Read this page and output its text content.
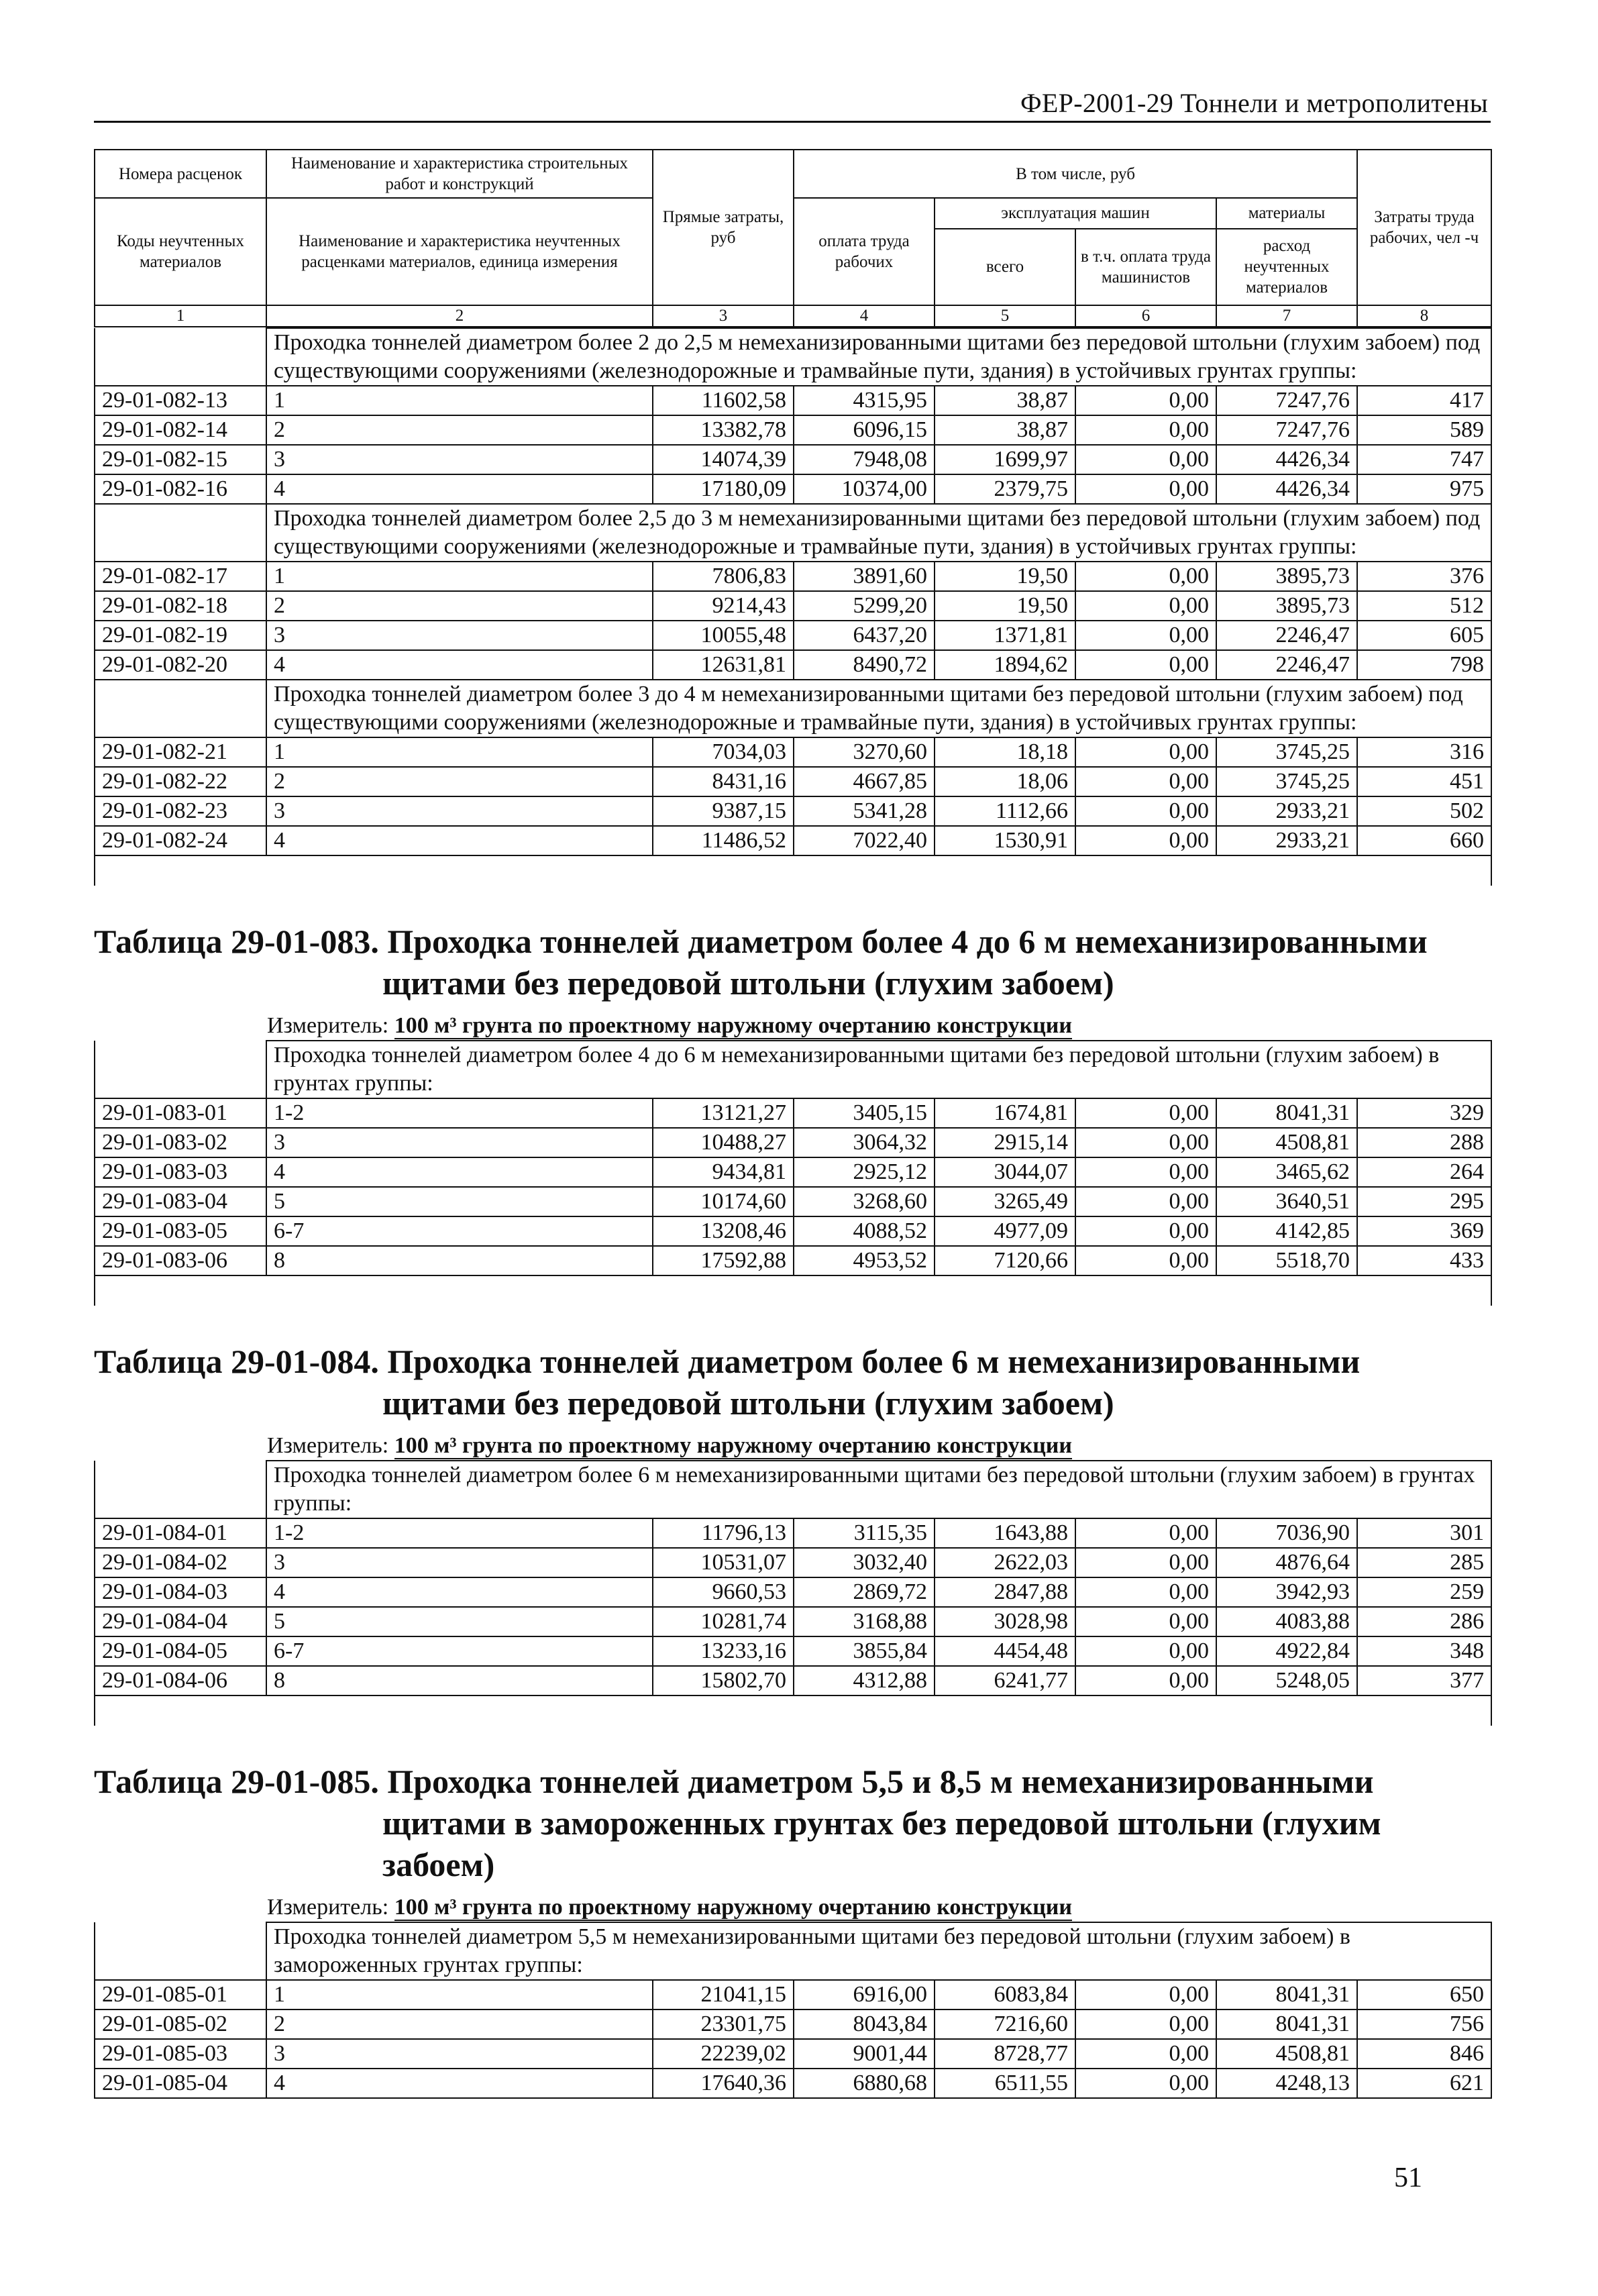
ФЕР-2001-29 Тоннели и метрополитены
Номера расценок	Наименование и характеристика строительных работ и конструкций	Прямые затраты, руб	В том числе, руб				Затраты труда рабочих, чел -ч
Коды неучтенных материалов	Наименование и характеристика неучтенных расценками материалов, единица измерения		оплата труда рабочих	эксплуатация машин		материалы	
				всего	в т.ч. оплата труда машинистов	расход неучтенных материалов	
1	2	3	4	5	6	7	8
	Проходка тоннелей диаметром более 2 до 2,5 м немеханизированными щитами без передовой штольни (глухим забоем) под существующими сооружениями (железнодорожные и трамвайные пути, здания) в устойчивых грунтах группы:						
29-01-082-13	1	11602,58	4315,95	38,87	0,00	7247,76	417
29-01-082-14	2	13382,78	6096,15	38,87	0,00	7247,76	589
29-01-082-15	3	14074,39	7948,08	1699,97	0,00	4426,34	747
29-01-082-16	4	17180,09	10374,00	2379,75	0,00	4426,34	975
	Проходка тоннелей диаметром более 2,5 до 3 м немеханизированными щитами без передовой штольни (глухим забоем) под существующими сооружениями (железнодорожные и трамвайные пути, здания) в устойчивых грунтах группы:						
29-01-082-17	1	7806,83	3891,60	19,50	0,00	3895,73	376
29-01-082-18	2	9214,43	5299,20	19,50	0,00	3895,73	512
29-01-082-19	3	10055,48	6437,20	1371,81	0,00	2246,47	605
29-01-082-20	4	12631,81	8490,72	1894,62	0,00	2246,47	798
	Проходка тоннелей диаметром более 3 до 4 м немеханизированными щитами без передовой штольни (глухим забоем) под существующими сооружениями (железнодорожные и трамвайные пути, здания) в устойчивых грунтах группы:						
29-01-082-21	1	7034,03	3270,60	18,18	0,00	3745,25	316
29-01-082-22	2	8431,16	4667,85	18,06	0,00	3745,25	451
29-01-082-23	3	9387,15	5341,28	1112,66	0,00	2933,21	502
29-01-082-24	4	11486,52	7022,40	1530,91	0,00	2933,21	660

Таблица 29-01-083. Проходка тоннелей диаметром более 4 до 6 м немеханизированными
щитами без передовой штольни (глухим забоем)
Измеритель: 100 м³ грунта по проектному наружному очертанию конструкции
	Проходка тоннелей диаметром более 4 до 6 м немеханизированными щитами без передовой штольни (глухим забоем) в грунтах группы:						
29-01-083-01	1-2	13121,27	3405,15	1674,81	0,00	8041,31	329
29-01-083-02	3	10488,27	3064,32	2915,14	0,00	4508,81	288
29-01-083-03	4	9434,81	2925,12	3044,07	0,00	3465,62	264
29-01-083-04	5	10174,60	3268,60	3265,49	0,00	3640,51	295
29-01-083-05	6-7	13208,46	4088,52	4977,09	0,00	4142,85	369
29-01-083-06	8	17592,88	4953,52	7120,66	0,00	5518,70	433

Таблица 29-01-084. Проходка тоннелей диаметром более 6 м немеханизированными
щитами без передовой штольни (глухим забоем)
Измеритель: 100 м³ грунта по проектному наружному очертанию конструкции
	Проходка тоннелей диаметром более 6 м немеханизированными щитами без передовой штольни (глухим забоем) в грунтах группы:						
29-01-084-01	1-2	11796,13	3115,35	1643,88	0,00	7036,90	301
29-01-084-02	3	10531,07	3032,40	2622,03	0,00	4876,64	285
29-01-084-03	4	9660,53	2869,72	2847,88	0,00	3942,93	259
29-01-084-04	5	10281,74	3168,88	3028,98	0,00	4083,88	286
29-01-084-05	6-7	13233,16	3855,84	4454,48	0,00	4922,84	348
29-01-084-06	8	15802,70	4312,88	6241,77	0,00	5248,05	377

Таблица 29-01-085. Проходка тоннелей диаметром 5,5 и 8,5 м немеханизированными
щитами в замороженных грунтах без передовой штольни (глухим забоем)
Измеритель: 100 м³ грунта по проектному наружному очертанию конструкции
	Проходка тоннелей диаметром 5,5 м немеханизированными щитами без передовой штольни (глухим забоем) в замороженных грунтах группы:						
29-01-085-01	1	21041,15	6916,00	6083,84	0,00	8041,31	650
29-01-085-02	2	23301,75	8043,84	7216,60	0,00	8041,31	756
29-01-085-03	3	22239,02	9001,44	8728,77	0,00	4508,81	846
29-01-085-04	4	17640,36	6880,68	6511,55	0,00	4248,13	621
51
